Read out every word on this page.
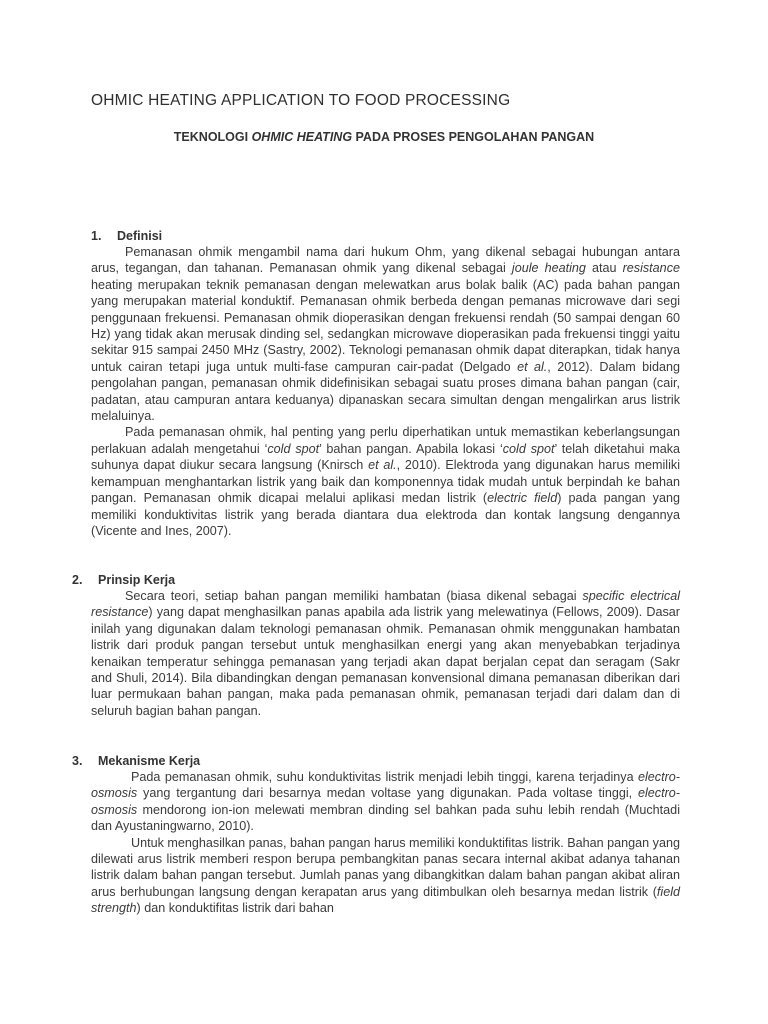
OHMIC HEATING APPLICATION TO FOOD PROCESSING
TEKNOLOGI OHMIC HEATING PADA PROSES PENGOLAHAN PANGAN
1. Definisi

Pemanasan ohmik mengambil nama dari hukum Ohm, yang dikenal sebagai hubungan antara arus, tegangan, dan tahanan. Pemanasan ohmik yang dikenal sebagai joule heating atau resistance heating merupakan teknik pemanasan dengan melewatkan arus bolak balik (AC) pada bahan pangan yang merupakan material konduktif. Pemanasan ohmik berbeda dengan pemanas microwave dari segi penggunaan frekuensi. Pemanasan ohmik dioperasikan dengan frekuensi rendah (50 sampai dengan 60 Hz) yang tidak akan merusak dinding sel, sedangkan microwave dioperasikan pada frekuensi tinggi yaitu sekitar 915 sampai 2450 MHz (Sastry, 2002). Teknologi pemanasan ohmik dapat diterapkan, tidak hanya untuk cairan tetapi juga untuk multi-fase campuran cair-padat (Delgado et al., 2012). Dalam bidang pengolahan pangan, pemanasan ohmik didefinisikan sebagai suatu proses dimana bahan pangan (cair, padatan, atau campuran antara keduanya) dipanaskan secara simultan dengan mengalirkan arus listrik melaluinya.

Pada pemanasan ohmik, hal penting yang perlu diperhatikan untuk memastikan keberlangsungan perlakuan adalah mengetahui ‘cold spot’ bahan pangan. Apabila lokasi ‘cold spot’ telah diketahui maka suhunya dapat diukur secara langsung (Knirsch et al., 2010). Elektroda yang digunakan harus memiliki kemampuan menghantarkan listrik yang baik dan komponennya tidak mudah untuk berpindah ke bahan pangan. Pemanasan ohmik dicapai melalui aplikasi medan listrik (electric field) pada pangan yang memiliki konduktivitas listrik yang berada diantara dua elektroda dan kontak langsung dengannya (Vicente and Ines, 2007).

2. Prinsip Kerja

Secara teori, setiap bahan pangan memiliki hambatan (biasa dikenal sebagai specific electrical resistance) yang dapat menghasilkan panas apabila ada listrik yang melewatinya (Fellows, 2009). Dasar inilah yang digunakan dalam teknologi pemanasan ohmik. Pemanasan ohmik menggunakan hambatan listrik dari produk pangan tersebut untuk menghasilkan energi yang akan menyebabkan terjadinya kenaikan temperatur sehingga pemanasan yang terjadi akan dapat berjalan cepat dan seragam (Sakr and Shuli, 2014). Bila dibandingkan dengan pemanasan konvensional dimana pemanasan diberikan dari luar permukaan bahan pangan, maka pada pemanasan ohmik, pemanasan terjadi dari dalam dan di seluruh bagian bahan pangan.

3. Mekanisme Kerja

Pada pemanasan ohmik, suhu konduktivitas listrik menjadi lebih tinggi, karena terjadinya electro-osmosis yang tergantung dari besarnya medan voltase yang digunakan. Pada voltase tinggi, electro-osmosis mendorong ion-ion melewati membran dinding sel bahkan pada suhu lebih rendah (Muchtadi dan Ayustaningwarno, 2010).

Untuk menghasilkan panas, bahan pangan harus memiliki konduktifitas listrik. Bahan pangan yang dilewati arus listrik memberi respon berupa pembangkitan panas secara internal akibat adanya tahanan listrik dalam bahan pangan tersebut. Jumlah panas yang dibangkitkan dalam bahan pangan akibat aliran arus berhubungan langsung dengan kerapatan arus yang ditimbulkan oleh besarnya medan listrik (field strength) dan konduktifitas listrik dari bahan
